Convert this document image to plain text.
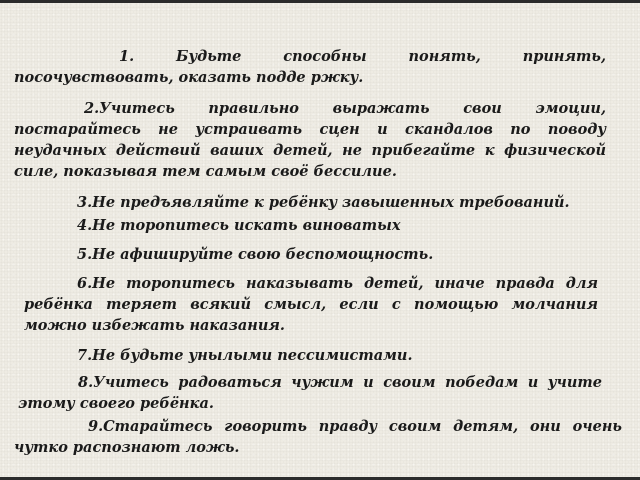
1. Будьте способны понять, принять, посочувствовать, оказать подде ржку.

2.Учитесь правильно выражать свои эмоции, постарайтесь не устраивать сцен и скандалов по поводу неудачных действий ваших детей, не прибегайте к физической силе, показывая тем самым своё бессилие.

3.Не предъявляйте к ребёнку завышенных требований.

4.Не торопитесь искать виноватых

5.Не афишируйте свою беспомощность.

6.Не торопитесь наказывать детей, иначе правда для ребёнка теряет всякий смысл, если с помощью молчания можно избежать наказания.

7.Не будьте унылыми пессимистами.

8.Учитесь радоваться чужим и своим победам и учите этому своего ребёнка.

9.Старайтесь говорить правду своим детям, они очень чутко распознают ложь.
